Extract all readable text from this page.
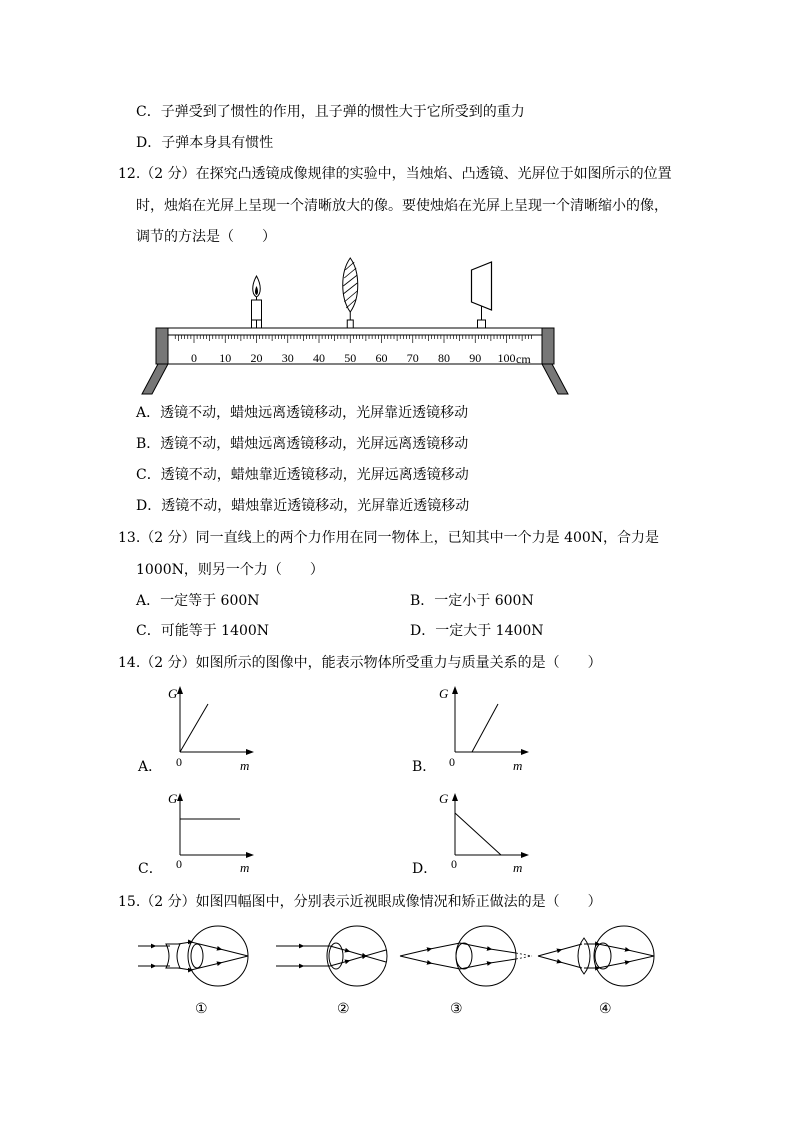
C．子弹受到了惯性的作用，且子弹的惯性大于它所受到的重力
D．子弹本身具有惯性
12.（2 分）在探究凸透镜成像规律的实验中，当烛焰、凸透镜、光屏位于如图所示的位置
时，烛焰在光屏上呈现一个清晰放大的像。要使烛焰在光屏上呈现一个清晰缩小的像，
调节的方法是（　　）
0 10 20 30 40 50 60 70 80 90 100 cm
A．透镜不动，蜡烛远离透镜移动，光屏靠近透镜移动
B．透镜不动，蜡烛远离透镜移动，光屏远离透镜移动
C．透镜不动，蜡烛靠近透镜移动，光屏远离透镜移动
D．透镜不动，蜡烛靠近透镜移动，光屏靠近透镜移动
13.（2 分）同一直线上的两个力作用在同一物体上，已知其中一个力是 400N，合力是
1000N，则另一个力（　　）
A．一定等于 600N	B．一定小于 600N
C．可能等于 1400N	D．一定大于 1400N
14.（2 分）如图所示的图像中，能表示物体所受重力与质量关系的是（　　）
A．
G
0	m	B．
G
0	m
C．
G
0	m	D．
G
0	m
15.（2 分）如图四幅图中，分别表示近视眼成像情况和矫正做法的是（　　）
①	②	③	④
